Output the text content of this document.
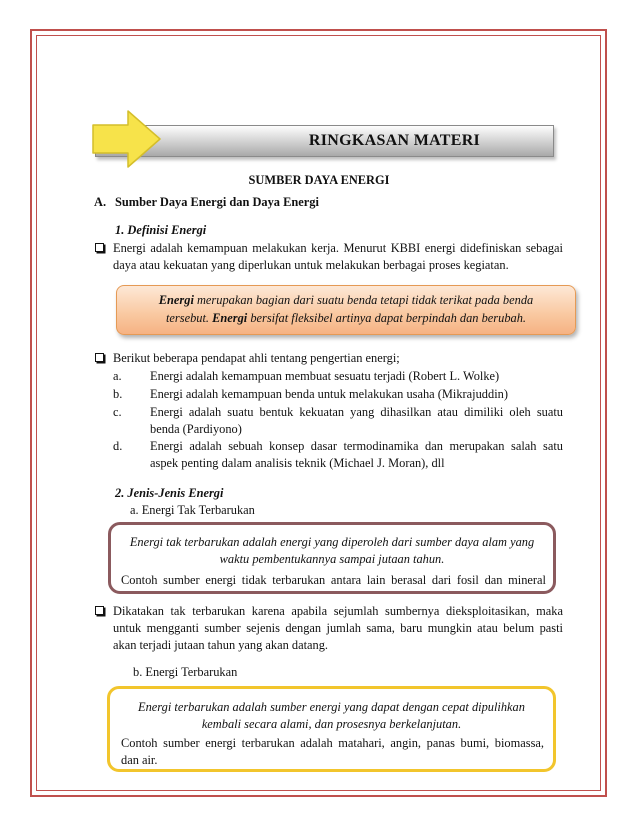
RINGKASAN MATERI
SUMBER DAYA ENERGI
A. Sumber Daya Energi dan Daya Energi
1. Definisi Energi
Energi adalah kemampuan melakukan kerja. Menurut KBBI energi didefiniskan sebagai
daya atau kekuatan yang diperlukan untuk melakukan berbagai proses kegiatan.
Energi merupakan bagian dari suatu benda tetapi tidak terikat pada benda
tersebut. Energi bersifat fleksibel artinya dapat berpindah dan berubah.
Berikut beberapa pendapat ahli tentang pengertian energi;
a. Energi adalah kemampuan membuat sesuatu terjadi (Robert L. Wolke)
b. Energi adalah kemampuan benda untuk melakukan usaha (Mikrajuddin)
c. Energi adalah suatu bentuk kekuatan yang dihasilkan atau dimiliki oleh suatu
benda (Pardiyono)
d. Energi adalah sebuah konsep dasar termodinamika dan merupakan salah satu
aspek penting dalam analisis teknik (Michael J. Moran), dll
2. Jenis-Jenis Energi
a. Energi Tak Terbarukan
Energi tak terbarukan adalah energi yang diperoleh dari sumber daya alam yang
waktu pembentukannya sampai jutaan tahun.
Contoh sumber energi tidak terbarukan antara lain berasal dari fosil dan mineral
Dikatakan tak terbarukan karena apabila sejumlah sumbernya dieksploitasikan, maka
untuk mengganti sumber sejenis dengan jumlah sama, baru mungkin atau belum pasti
akan terjadi jutaan tahun yang akan datang.
b. Energi Terbarukan
Energi terbarukan adalah sumber energi yang dapat dengan cepat dipulihkan
kembali secara alami, dan prosesnya berkelanjutan.
Contoh sumber energi terbarukan adalah matahari, angin, panas bumi, biomassa,
dan air.
